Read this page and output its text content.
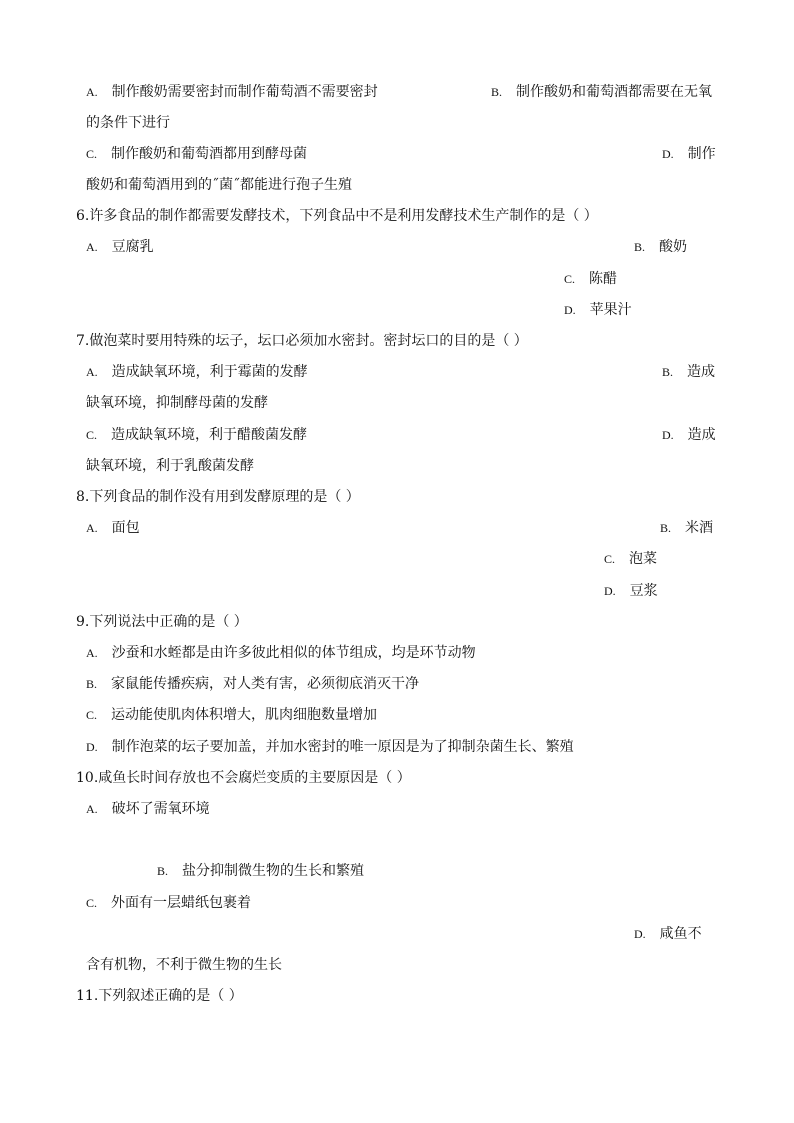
A. 制作酸奶需要密封而制作葡萄酒不需要密封	B. 制作酸奶和葡萄酒都需要在无氧
的条件下进行
C. 制作酸奶和葡萄酒都用到酵母菌	D. 制作
酸奶和葡萄酒用到的˝菌˝都能进行孢子生殖
6.许多食品的制作都需要发酵技术，下列食品中不是利用发酵技术生产制作的是（ ）
A. 豆腐乳	B. 酸奶
C. 陈醋
D. 苹果汁
7.做泡菜时要用特殊的坛子，坛口必须加水密封。密封坛口的目的是（ ）
A. 造成缺氧环境，利于霉菌的发酵	B. 造成
缺氧环境，抑制酵母菌的发酵
C. 造成缺氧环境，利于醋酸菌发酵	D. 造成
缺氧环境，利于乳酸菌发酵
8.下列食品的制作没有用到发酵原理的是（ ）
A. 面包	B. 米酒
C. 泡菜
D. 豆浆
9.下列说法中正确的是（ ）
A. 沙蚕和水蛭都是由许多彼此相似的体节组成，均是环节动物
B. 家鼠能传播疾病，对人类有害，必须彻底消灭干净
C. 运动能使肌肉体积增大，肌肉细胞数量增加
D. 制作泡菜的坛子要加盖，并加水密封的唯一原因是为了抑制杂菌生长、繁殖
10.咸鱼长时间存放也不会腐烂变质的主要原因是（ ）
A. 破坏了需氧环境
B. 盐分抑制微生物的生长和繁殖
C. 外面有一层蜡纸包裹着
D. 咸鱼不
含有机物，不利于微生物的生长
11.下列叙述正确的是（ ）
